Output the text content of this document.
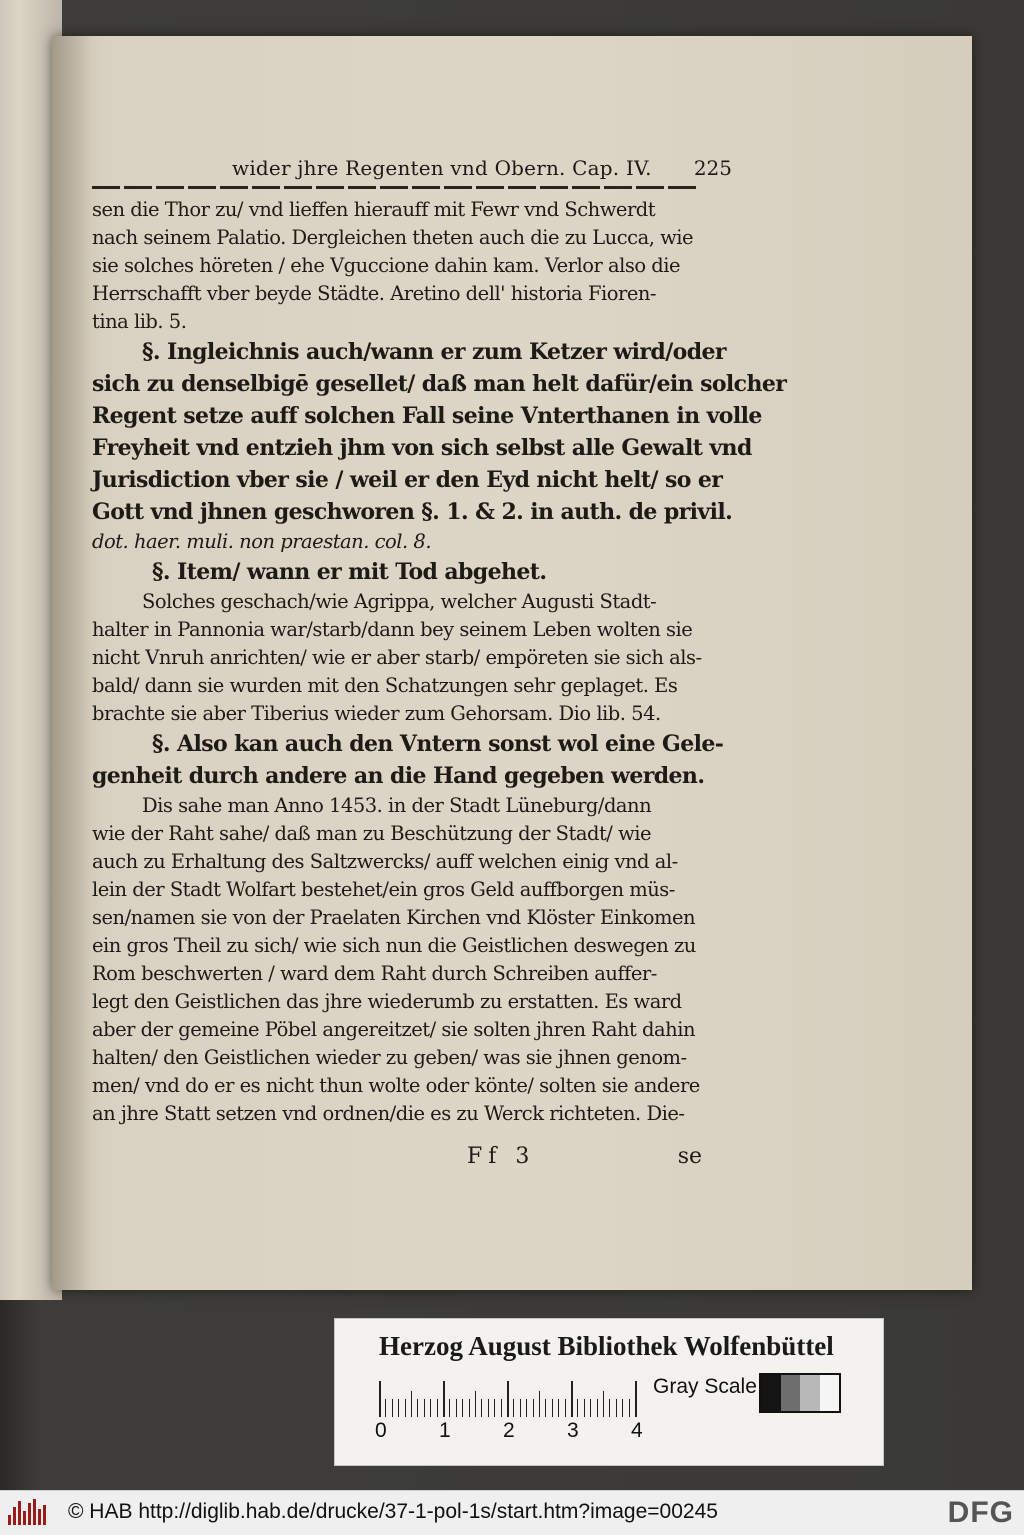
wider jhre Regenten vnd Obern. Cap. IV. 225
sen die Thor zu/ vnd lieffen hierauff mit Fewr vnd Schwerdt
nach seinem Palatio. Dergleichen theten auch die zu Lucca, wie
sie solches höreten / ehe Vguccione dahin kam. Verlor also die
Herrschafft vber beyde Städte. Aretino dell' historia Fioren-
tina lib. 5.
§. Ingleichnis auch/wann er zum Ketzer wird/oder
sich zu denselbigē gesellet/ daß man helt dafür/ein solcher
Regent setze auff solchen Fall seine Vnterthanen in volle
Freyheit vnd entzieh jhm von sich selbst alle Gewalt vnd
Jurisdiction vber sie / weil er den Eyd nicht helt/ so er
Gott vnd jhnen geschworen §. 1. & 2. in auth. de privil.
dot. haer. muli. non praestan. col. 8.
§. Item/ wann er mit Tod abgehet.
Solches geschach/wie Agrippa, welcher Augusti Stadt-
halter in Pannonia war/starb/dann bey seinem Leben wolten sie
nicht Vnruh anrichten/ wie er aber starb/ empöreten sie sich als-
bald/ dann sie wurden mit den Schatzungen sehr geplaget. Es
brachte sie aber Tiberius wieder zum Gehorsam. Dio lib. 54.
§. Also kan auch den Vntern sonst wol eine Gele-
genheit durch andere an die Hand gegeben werden.
Dis sahe man Anno 1453. in der Stadt Lüneburg/dann
wie der Raht sahe/ daß man zu Beschützung der Stadt/ wie
auch zu Erhaltung des Saltzwercks/ auff welchen einig vnd al-
lein der Stadt Wolfart bestehet/ein gros Geld auffborgen müs-
sen/namen sie von der Praelaten Kirchen vnd Klöster Einkomen
ein gros Theil zu sich/ wie sich nun die Geistlichen deswegen zu
Rom beschwerten / ward dem Raht durch Schreiben auffer-
legt den Geistlichen das jhre wiederumb zu erstatten. Es ward
aber der gemeine Pöbel angereitzet/ sie solten jhren Raht dahin
halten/ den Geistlichen wieder zu geben/ was sie jhnen genom-
men/ vnd do er es nicht thun wolte oder könte/ solten sie andere
an jhre Statt setzen vnd ordnen/die es zu Werck richteten. Die-
Ff 3	se
Herzog August Bibliothek Wolfenbüttel
0 1 2 3 4
Gray Scale
© HAB http://diglib.hab.de/drucke/37-1-pol-1s/start.htm?image=00245	DFG
